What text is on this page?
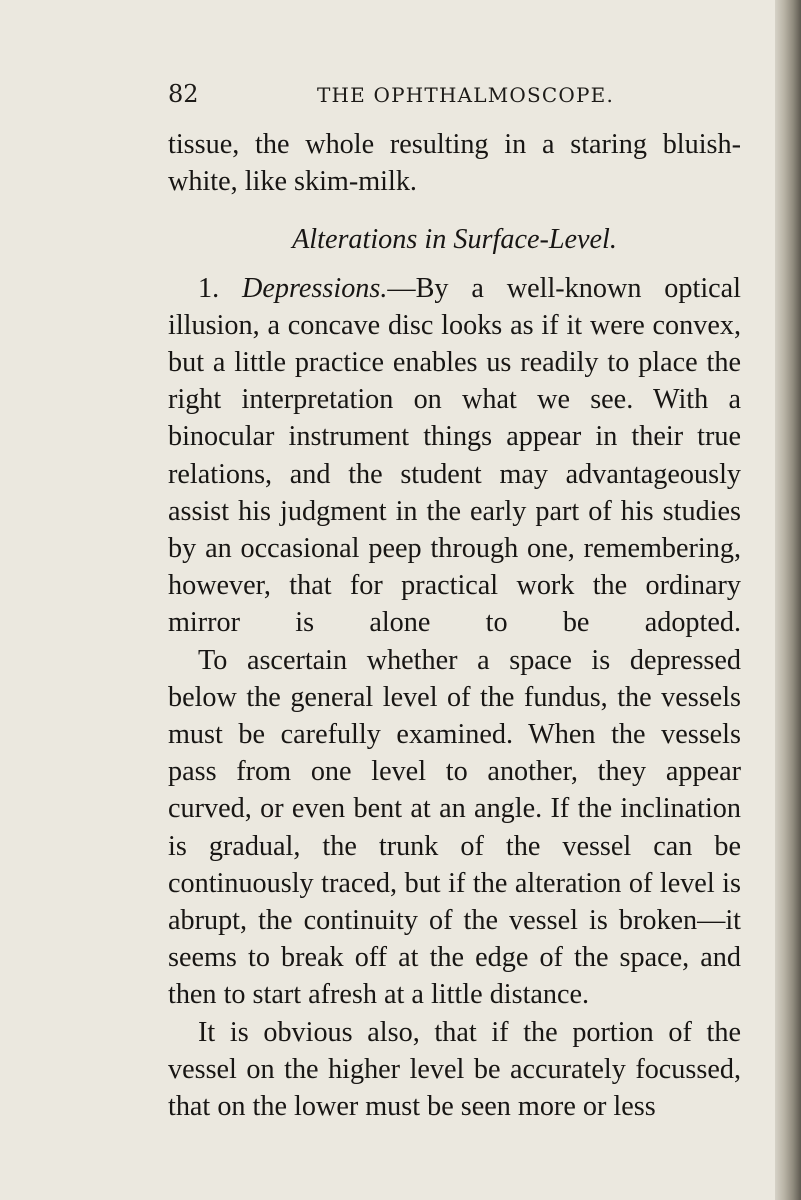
82	THE OPHTHALMOSCOPE.

tissue, the whole resulting in a staring bluish-white, like skim-milk.

Alterations in Surface-Level.

1. Depressions.—By a well-known optical illusion, a concave disc looks as if it were convex, but a little practice enables us readily to place the right interpretation on what we see. With a binocular instrument things appear in their true relations, and the student may advantageously assist his judgment in the early part of his studies by an occasional peep through one, remembering, however, that for practical work the ordinary mirror is alone to be adopted.

To ascertain whether a space is depressed below the general level of the fundus, the vessels must be carefully examined. When the vessels pass from one level to another, they appear curved, or even bent at an angle. If the inclination is gradual, the trunk of the vessel can be continuously traced, but if the alteration of level is abrupt, the continuity of the vessel is broken—it seems to break off at the edge of the space, and then to start afresh at a little distance.

It is obvious also, that if the portion of the vessel on the higher level be accurately focussed, that on the lower must be seen more or less
